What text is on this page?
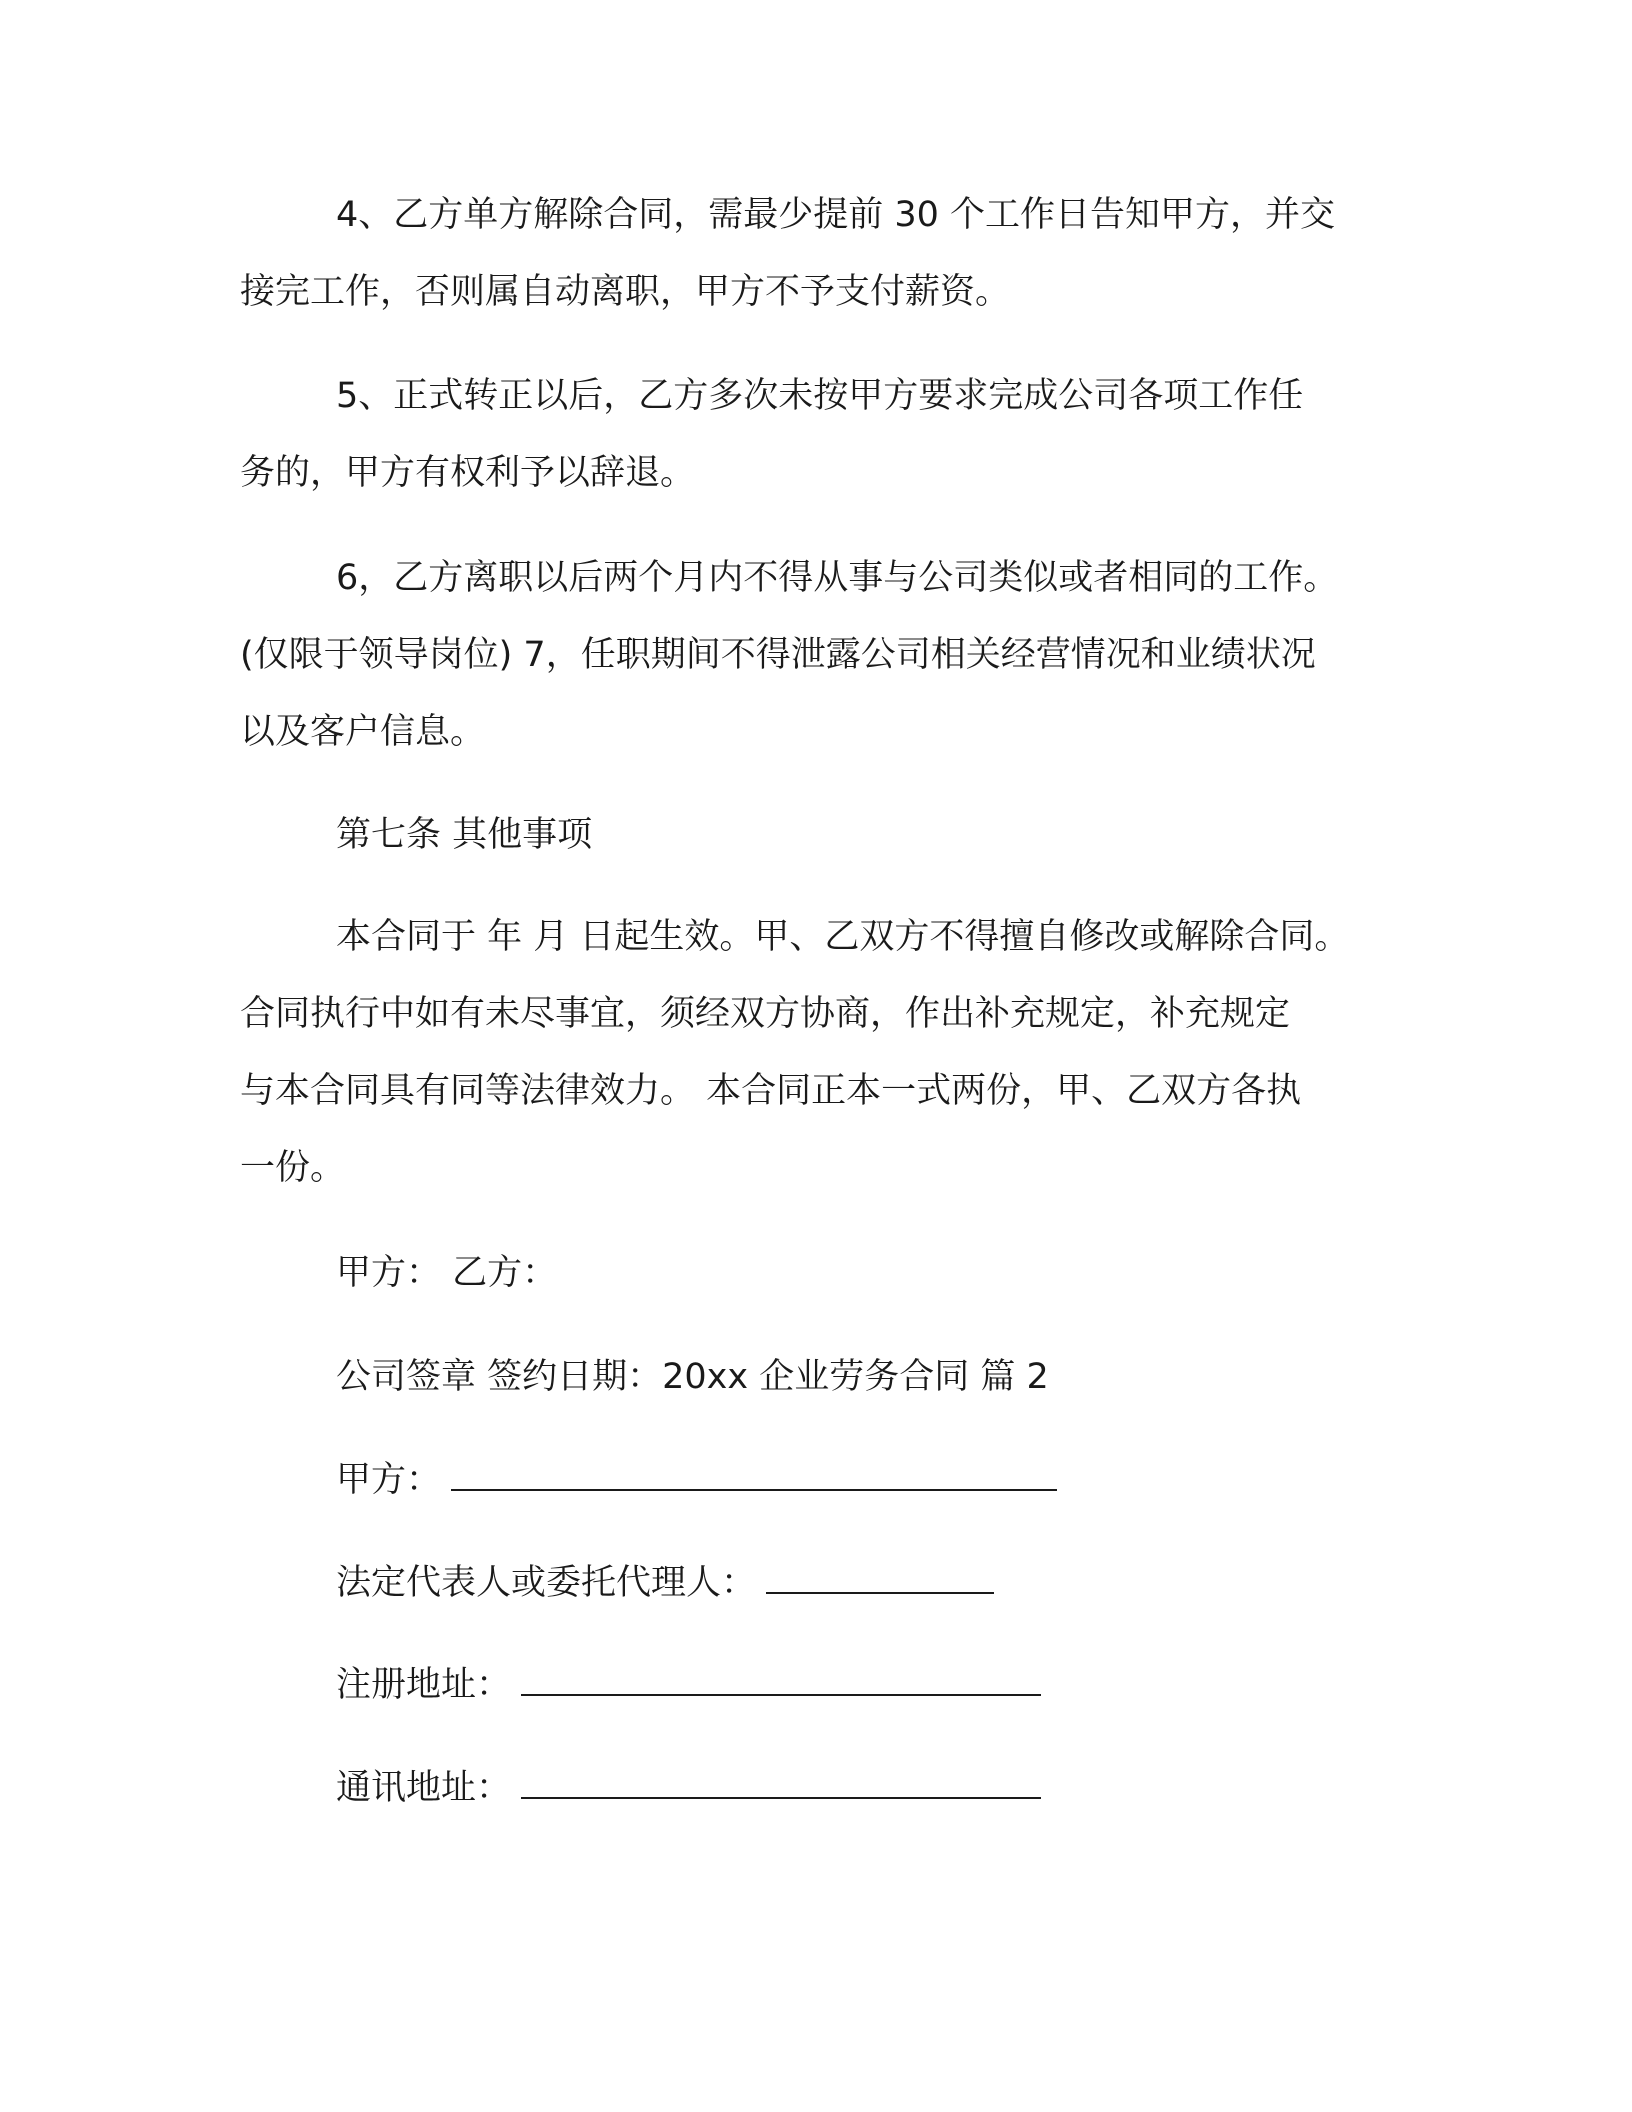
4、乙方单方解除合同，需最少提前 30 个工作日告知甲方，并交
接完工作，否则属自动离职，甲方不予支付薪资。
5、正式转正以后，乙方多次未按甲方要求完成公司各项工作任
务的，甲方有权利予以辞退。
6，乙方离职以后两个月内不得从事与公司类似或者相同的工作。
(仅限于领导岗位) 7，任职期间不得泄露公司相关经营情况和业绩状况
以及客户信息。
第七条 其他事项
本合同于 年 月 日起生效。甲、乙双方不得擅自修改或解除合同。
合同执行中如有未尽事宜，须经双方协商，作出补充规定，补充规定
与本合同具有同等法律效力。 本合同正本一式两份，甲、乙双方各执
一份。
甲方： 乙方：
公司签章 签约日期：20xx 企业劳务合同 篇 2
甲方：
法定代表人或委托代理人：
注册地址：
通讯地址：
